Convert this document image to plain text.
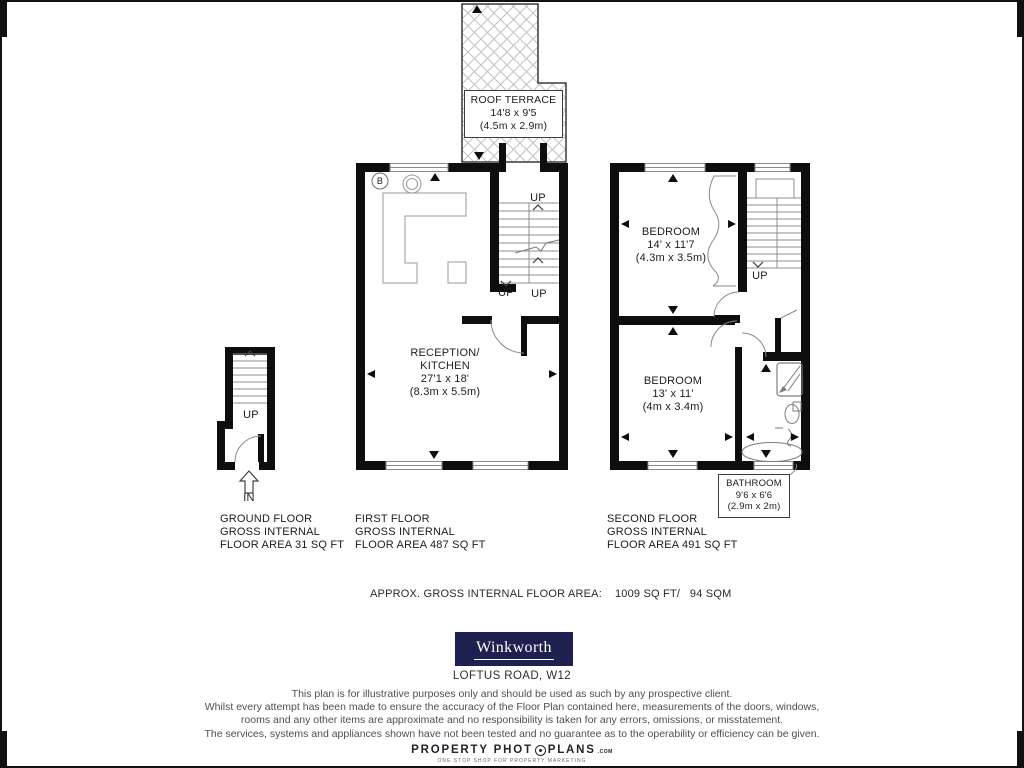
ROOF TERRACE
14'8 x 9'5
(4.5m x 2.9m)
RECEPTION/
KITCHEN
27'1 x 18'
(8.3m x 5.5m)
BEDROOM
14' x 11'7
(4.3m x 3.5m)
BEDROOM
13' x 11'
(4m x 3.4m)
BATHROOM
9'6 x 6'6
(2.9m x 2m)
UP
UP	UP
UP
UP
IN
B
GROUND FLOOR
GROSS INTERNAL
FLOOR AREA 31 SQ FT
FIRST FLOOR
GROSS INTERNAL
FLOOR AREA 487 SQ FT
SECOND FLOOR
GROSS INTERNAL
FLOOR AREA 491 SQ FT
APPROX. GROSS INTERNAL FLOOR AREA:    1009 SQ FT/   94 SQM
Winkworth
LOFTUS ROAD, W12
This plan is for illustrative purposes only and should be used as such by any prospective client.
Whilst every attempt has been made to ensure the accuracy of the Floor Plan contained here, measurements of the doors, windows,
rooms and any other items are approximate and no responsibility is taken for any errors, omissions, or misstatement.
The services, systems and appliances shown have not been tested and no guarantee as to the operability or efficiency can be given.
PROPERTY PHOT PLANS .COM
ONE STOP SHOP FOR PROPERTY MARKETING
